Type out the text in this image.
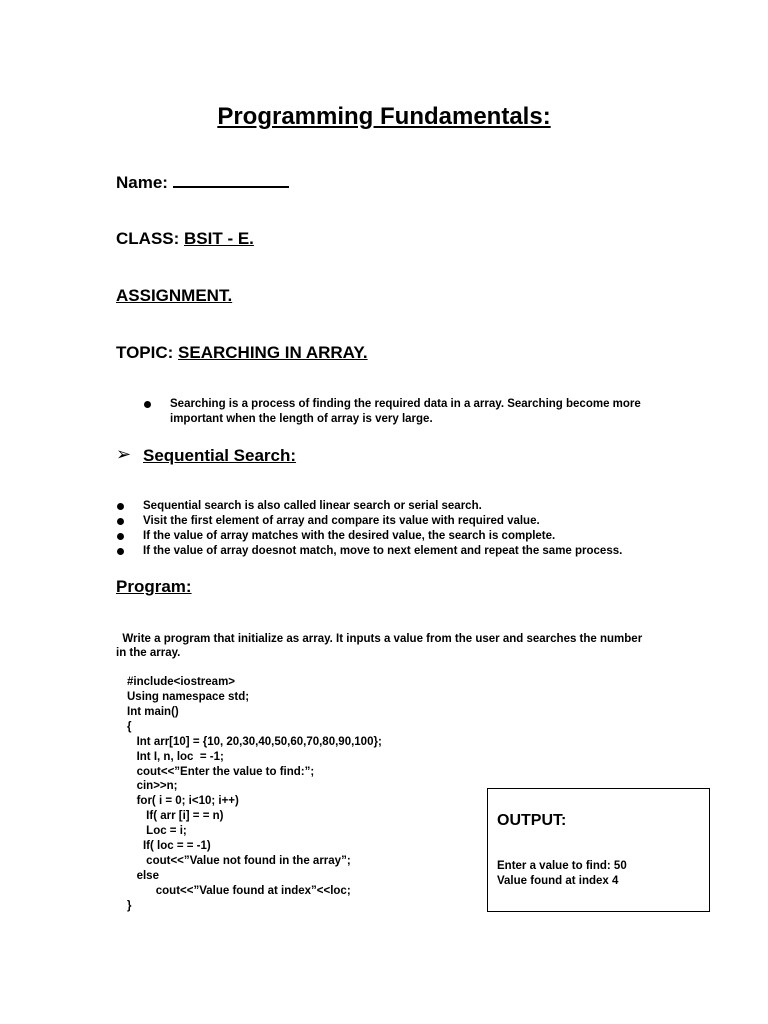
Programming Fundamentals:
Name:
CLASS: BSIT - E.
ASSIGNMENT.
TOPIC: SEARCHING IN ARRAY.
Searching is a process of finding the required data in a array. Searching become more
important when the length of array is very large.
➢ Sequential Search:
Sequential search is also called linear search or serial search.
Visit the first element of array and compare its value with required value.
If the value of array matches with the desired value, the search is complete.
If the value of array doesnot match, move to next element and repeat the same process.
Program:
Write a program that initialize as array. It inputs a value from the user and searches the number
in the array.
#include<iostream>
Using namespace std;
Int main()
{
Int arr[10] = {10, 20,30,40,50,60,70,80,90,100};
Int I, n, loc  = -1;
cout<<”Enter the value to find:”;
cin>>n;
for( i = 0; i<10; i++)
If( arr [i] = = n)
Loc = i;
If( loc = = -1)
cout<<”Value not found in the array”;
else
cout<<”Value found at index”<<loc;
}
OUTPUT:
Enter a value to find: 50
Value found at index 4
